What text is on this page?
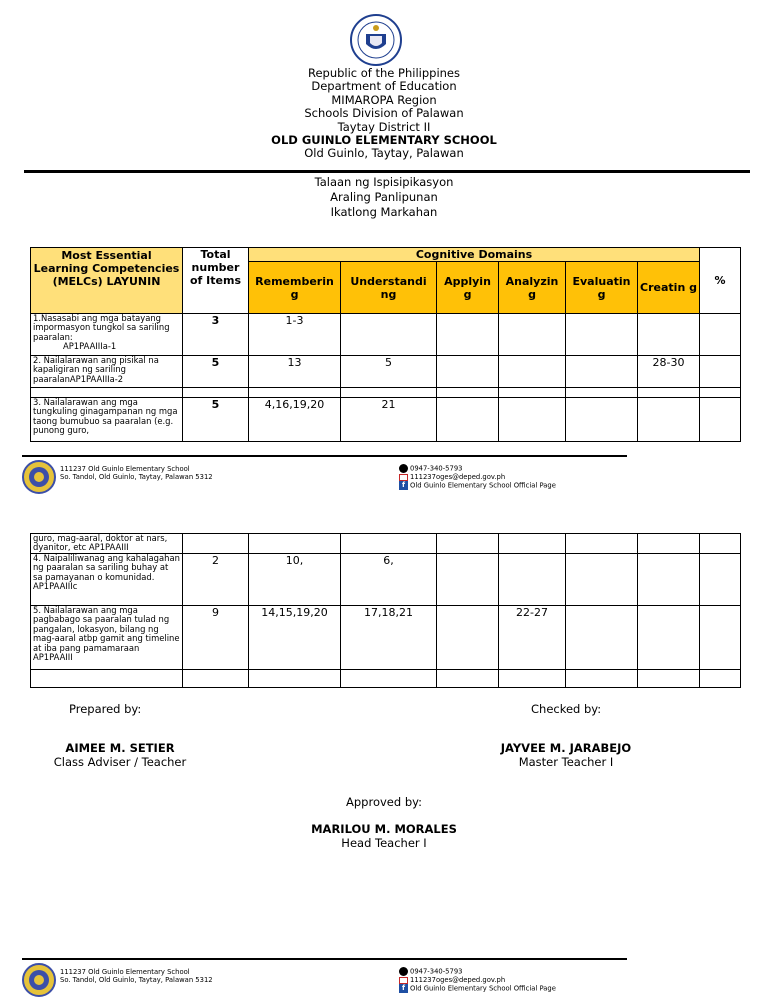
Republic of the Philippines
Department of Education
MIMAROPA Region
Schools Division of Palawan
Taytay District II
OLD GUINLO ELEMENTARY SCHOOL
Old Guinlo, Taytay, Palawan
Talaan ng Ispisipikasyon
Araling Panlipunan
Ikatlong Markahan
Most Essential Learning Competencies (MELCs) LAYUNIN	Total number of Items	Cognitive Domains						%
		Rememberin g	Understandi ng	Applyin g	Analyzin g	Evaluatin g	Creatin g	

1.Nasasabi ang mga batayang impormasyon tungkol sa sariling paaralan:
AP1PAAIIIa-1	3	1-3						
2. Nailalarawan ang pisikal na kapaligiran ng sariling paaralanAP1PAAIIIa-2	5	13	5				28-30	

3. Nailalarawan ang mga tungkuling ginagampanan ng mga taong bumubuo sa paaralan (e.g. punong guro,	5	4,16,19,20	21					
111237 Old Guinlo Elementary School
So. Tandol, Old Guinlo, Taytay, Palawan 5312
0947-340-5793
111237oges@deped.gov.ph
f Old Guinlo Elementary School Official Page
guro, mag-aaral, doktor at nars, dyanitor, etc AP1PAAIII								
4. Naipaliliwanag ang kahalagahan ng paaralan sa sariling buhay at sa pamayanan o komunidad. AP1PAAIIIc	2	10,	6,					
5. Nailalarawan ang mga pagbabago sa paaralan tulad ng pangalan, lokasyon, bilang ng mag-aaral atbp gamit ang timeline at iba pang pamamaraan AP1PAAIII	9	14,15,19,20	17,18,21		22-27			

Prepared by:	Checked by:
AIMEE M. SETIER
Class Adviser / Teacher
JAYVEE M. JARABEJO
Master Teacher I
Approved by:
MARILOU M. MORALES
Head Teacher I
111237 Old Guinlo Elementary School
So. Tandol, Old Guinlo, Taytay, Palawan 5312
0947-340-5793
111237oges@deped.gov.ph
f Old Guinlo Elementary School Official Page
